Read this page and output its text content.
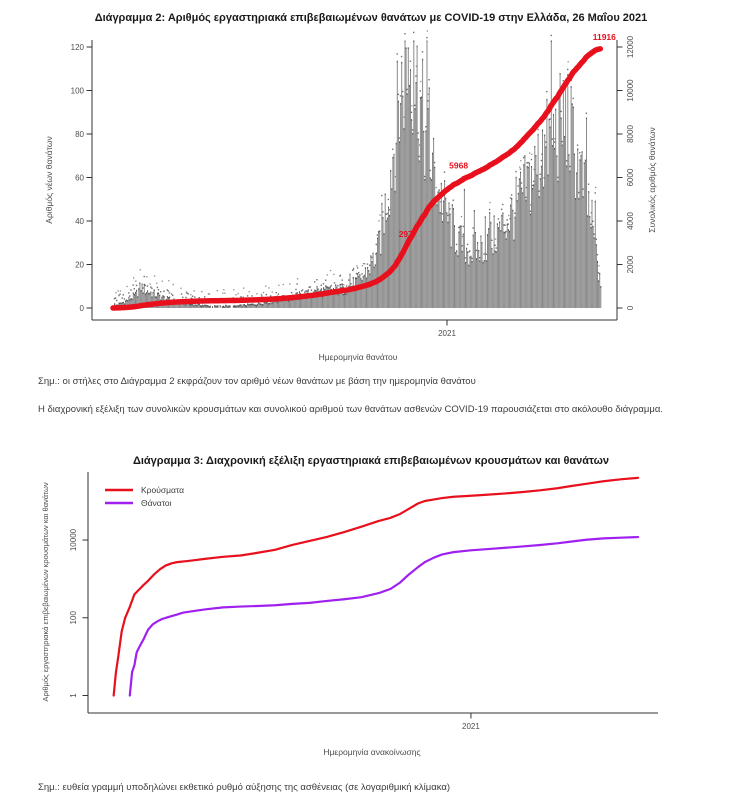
Διάγραμμα 2: Αριθμός εργαστηριακά επιβεβαιωμένων θανάτων με COVID-19 στην Ελλάδα, 26 Μαΐου 2021
0
20
40
60
80
100
120
0
2000
4000
6000
8000
10000
12000
Αριθμός νέων θανάτων	Συνολικός αριθμός θανάτων
2021
Ημερομηνία θανάτου
297
5968
11916
Σημ.: οι στήλες στο Διάγραμμα 2 εκφράζουν τον αριθμό νέων θανάτων με βάση την ημερομηνία θανάτου
Η διαχρονική εξέλιξη των συνολικών κρουσμάτων και συνολικού αριθμού των θανάτων ασθενών COVID-19 παρουσιάζεται στο ακόλουθο διάγραμμα.
Διάγραμμα 3: Διαχρονική εξέλιξη εργαστηριακά επιβεβαιωμένων κρουσμάτων και θανάτων
1
100
10000
Αριθμός εργαστηριακά επιβεβαιωμένων κρουσμάτων και θανάτων
2021
Ημερομηνία ανακοίνωσης
Κρούσματα
Θάνατοι
Σημ.: ευθεία γραμμή υποδηλώνει εκθετικό ρυθμό αύξησης της ασθένειας (σε λογαριθμική κλίμακα)
